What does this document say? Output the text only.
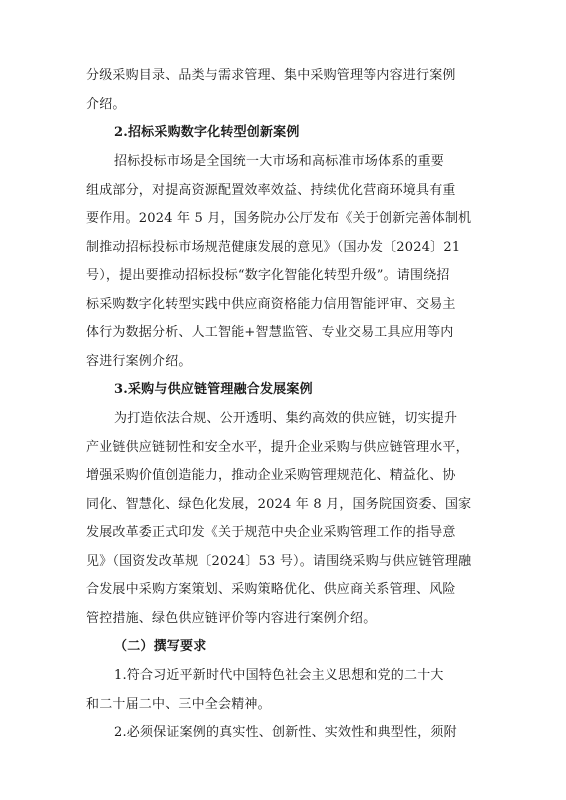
分级采购目录、品类与需求管理、集中采购管理等内容进行案例
介绍。
2.招标采购数字化转型创新案例
招标投标市场是全国统一大市场和高标准市场体系的重要
组成部分，对提高资源配置效率效益、持续优化营商环境具有重
要作用。2024 年 5 月，国务院办公厅发布《关于创新完善体制机
制推动招标投标市场规范健康发展的意见》（国办发〔2024〕21
号），提出要推动招标投标“数字化智能化转型升级”。请围绕招
标采购数字化转型实践中供应商资格能力信用智能评审、交易主
体行为数据分析、人工智能+智慧监管、专业交易工具应用等内
容进行案例介绍。
3.采购与供应链管理融合发展案例
为打造依法合规、公开透明、集约高效的供应链，切实提升
产业链供应链韧性和安全水平，提升企业采购与供应链管理水平，
增强采购价值创造能力，推动企业采购管理规范化、精益化、协
同化、智慧化、绿色化发展，2024 年 8 月，国务院国资委、国家
发展改革委正式印发《关于规范中央企业采购管理工作的指导意
见》（国资发改革规〔2024〕53 号）。请围绕采购与供应链管理融
合发展中采购方案策划、采购策略优化、供应商关系管理、风险
管控措施、绿色供应链评价等内容进行案例介绍。
（二）撰写要求
1.符合习近平新时代中国特色社会主义思想和党的二十大
和二十届二中、三中全会精神。
2.必须保证案例的真实性、创新性、实效性和典型性，须附
